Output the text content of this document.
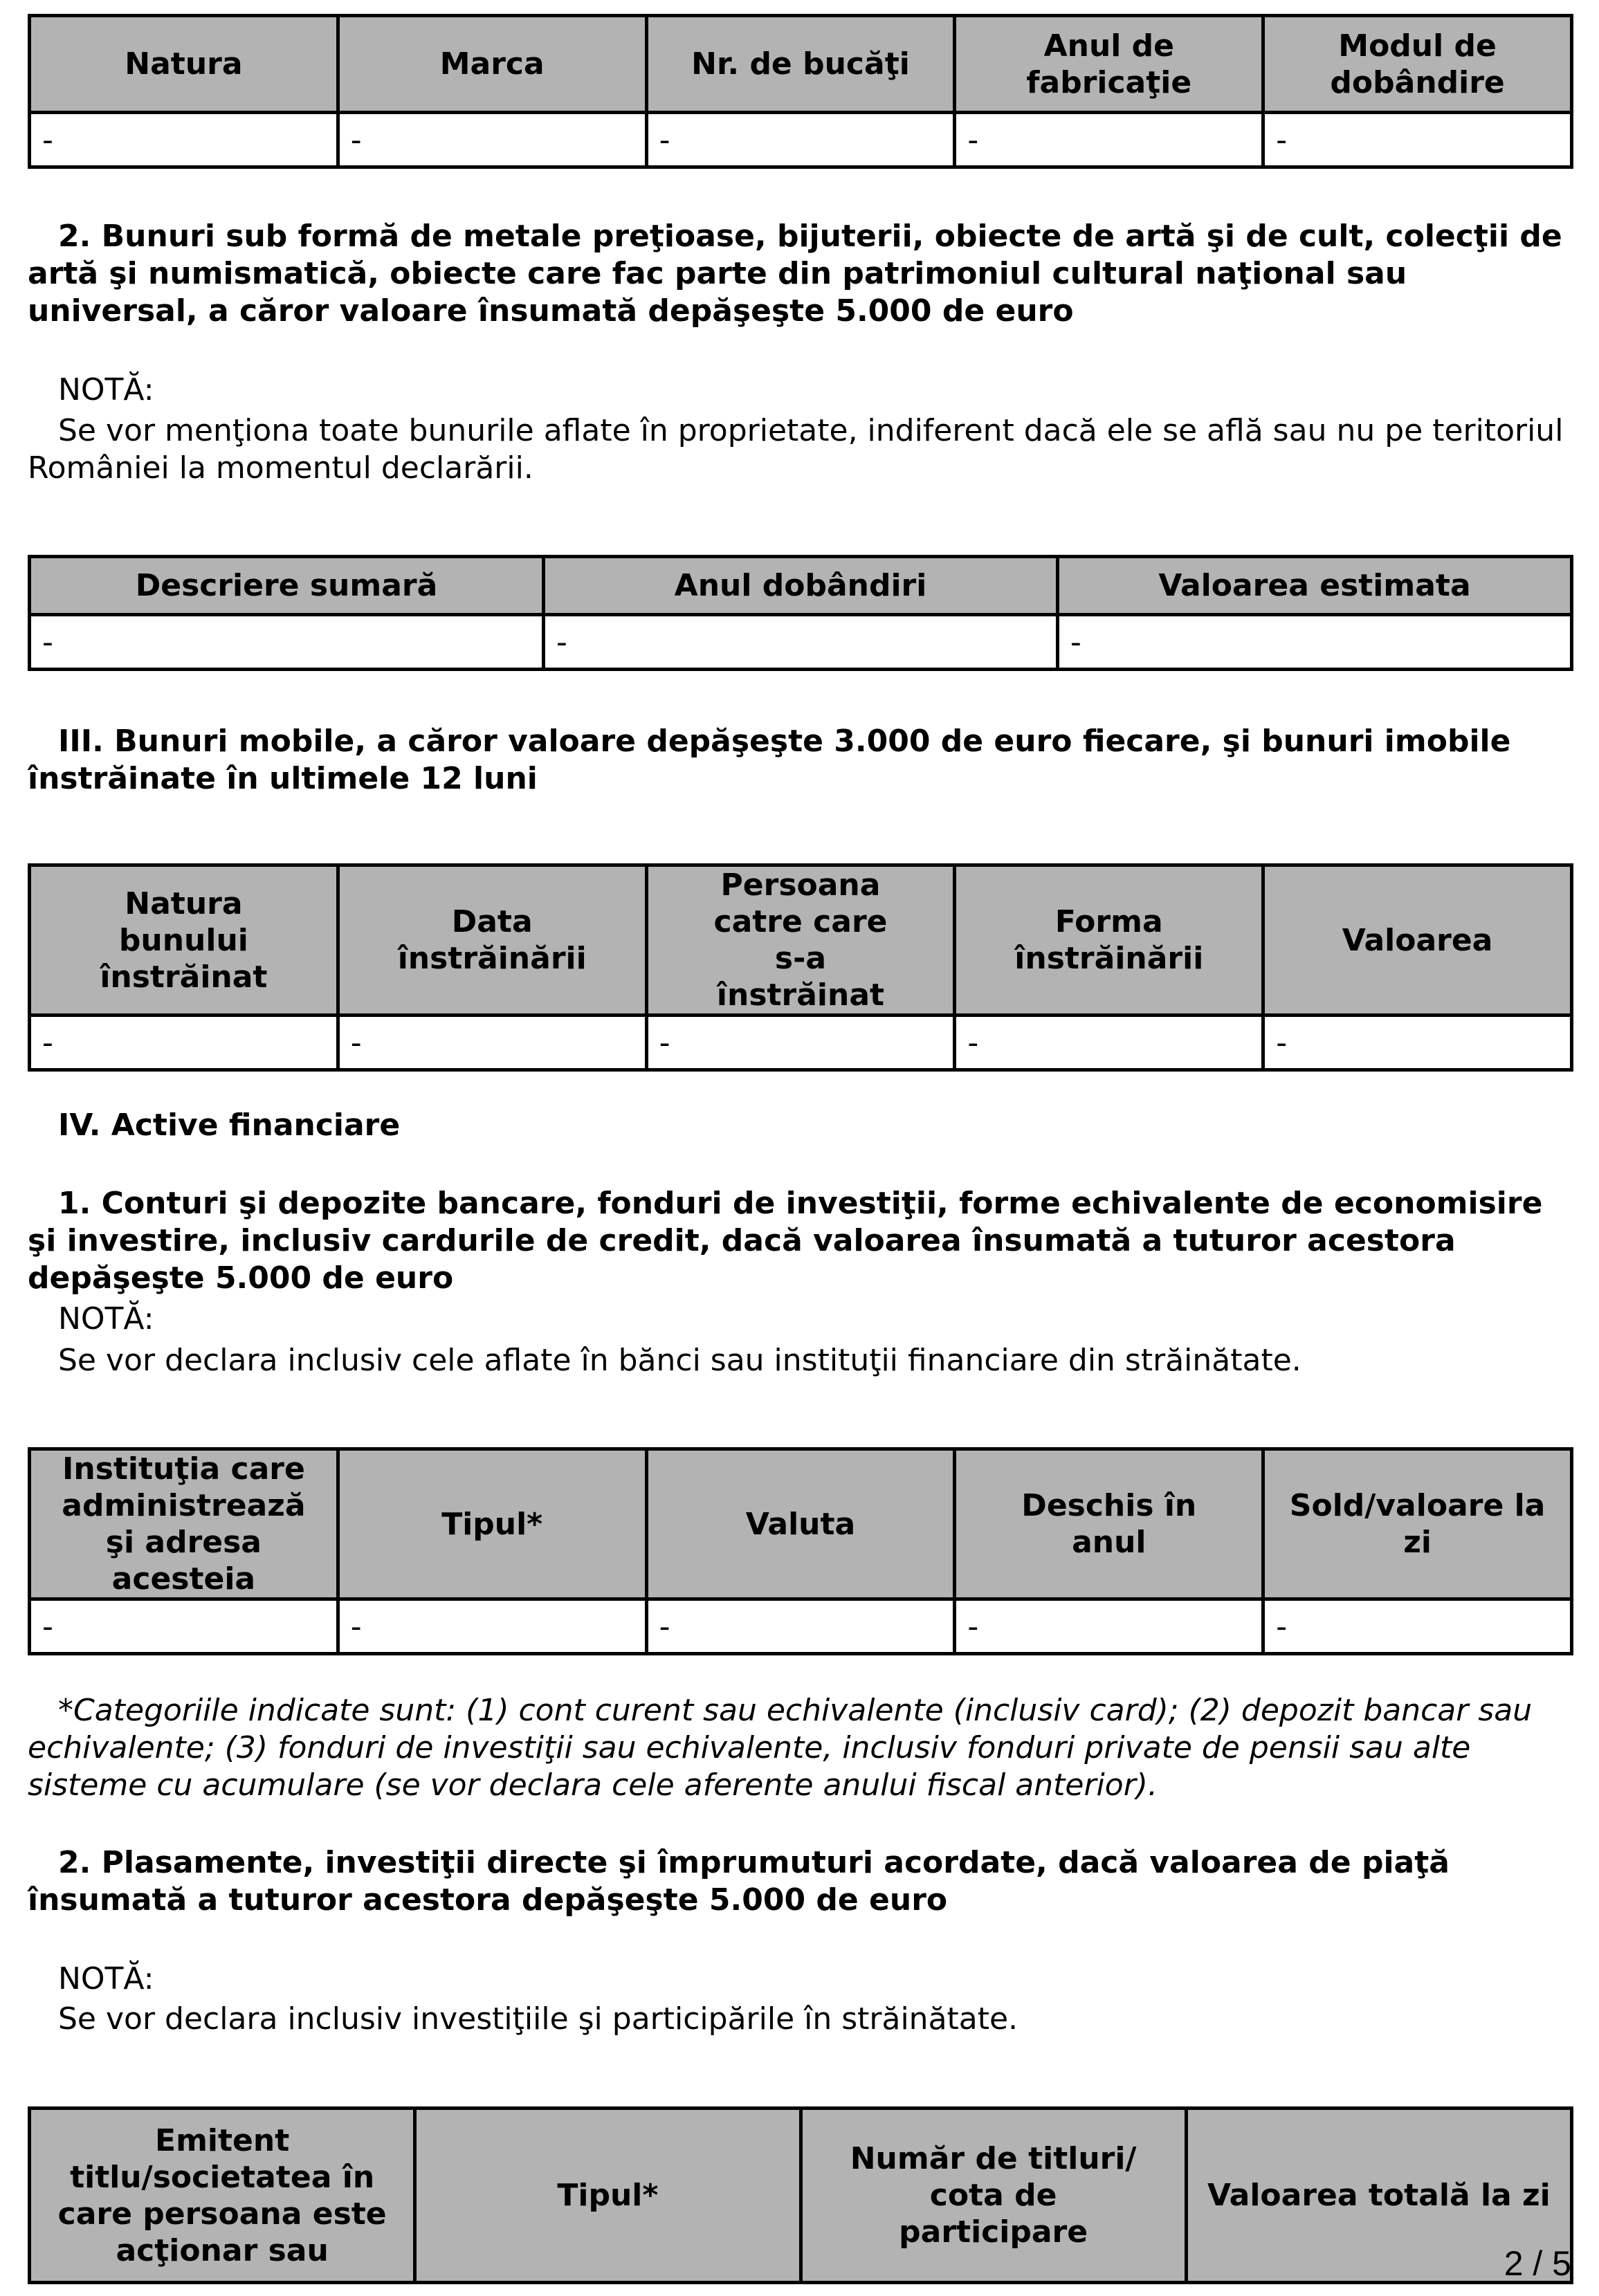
Natura	Marca	Nr. de bucăţi	Anul de fabricaţie	Modul de dobândire
-	-	-	-	-

2. Bunuri sub formă de metale preţioase, bijuterii, obiecte de artă şi de cult, colecţii de artă şi numismatică, obiecte care fac parte din patrimoniul cultural naţional sau universal, a căror valoare însumată depăşeşte 5.000 de euro

NOTĂ:

Se vor menţiona toate bunurile aflate în proprietate, indiferent dacă ele se află sau nu pe teritoriul României la momentul declarării.

Descriere sumară	Anul dobândiri	Valoarea estimata
-	-	-

III. Bunuri mobile, a căror valoare depăşeşte 3.000 de euro fiecare, şi bunuri imobile înstrăinate în ultimele 12 luni

Natura bunului înstrăinat	Data înstrăinării	Persoana catre care s-a înstrăinat	Forma înstrăinării	Valoarea
-	-	-	-	-

IV. Active financiare

1. Conturi şi depozite bancare, fonduri de investiţii, forme echivalente de economisire şi investire, inclusiv cardurile de credit, dacă valoarea însumată a tuturor acestora depăşeşte 5.000 de euro

NOTĂ:

Se vor declara inclusiv cele aflate în bănci sau instituţii financiare din străinătate.

Instituţia care administrează şi adresa acesteia	Tipul*	Valuta	Deschis în anul	Sold/valoare la zi
-	-	-	-	-

*Categoriile indicate sunt: (1) cont curent sau echivalente (inclusiv card); (2) depozit bancar sau echivalente; (3) fonduri de investiţii sau echivalente, inclusiv fonduri private de pensii sau alte sisteme cu acumulare (se vor declara cele aferente anului fiscal anterior).

2. Plasamente, investiţii directe şi împrumuturi acordate, dacă valoarea de piaţă însumată a tuturor acestora depăşeşte 5.000 de euro

NOTĂ:

Se vor declara inclusiv investiţiile şi participările în străinătate.

Emitent titlu/societatea în care persoana este acţionar sau	Tipul*	Număr de titluri/ cota de participare	Valoarea totală la zi
2 / 5
